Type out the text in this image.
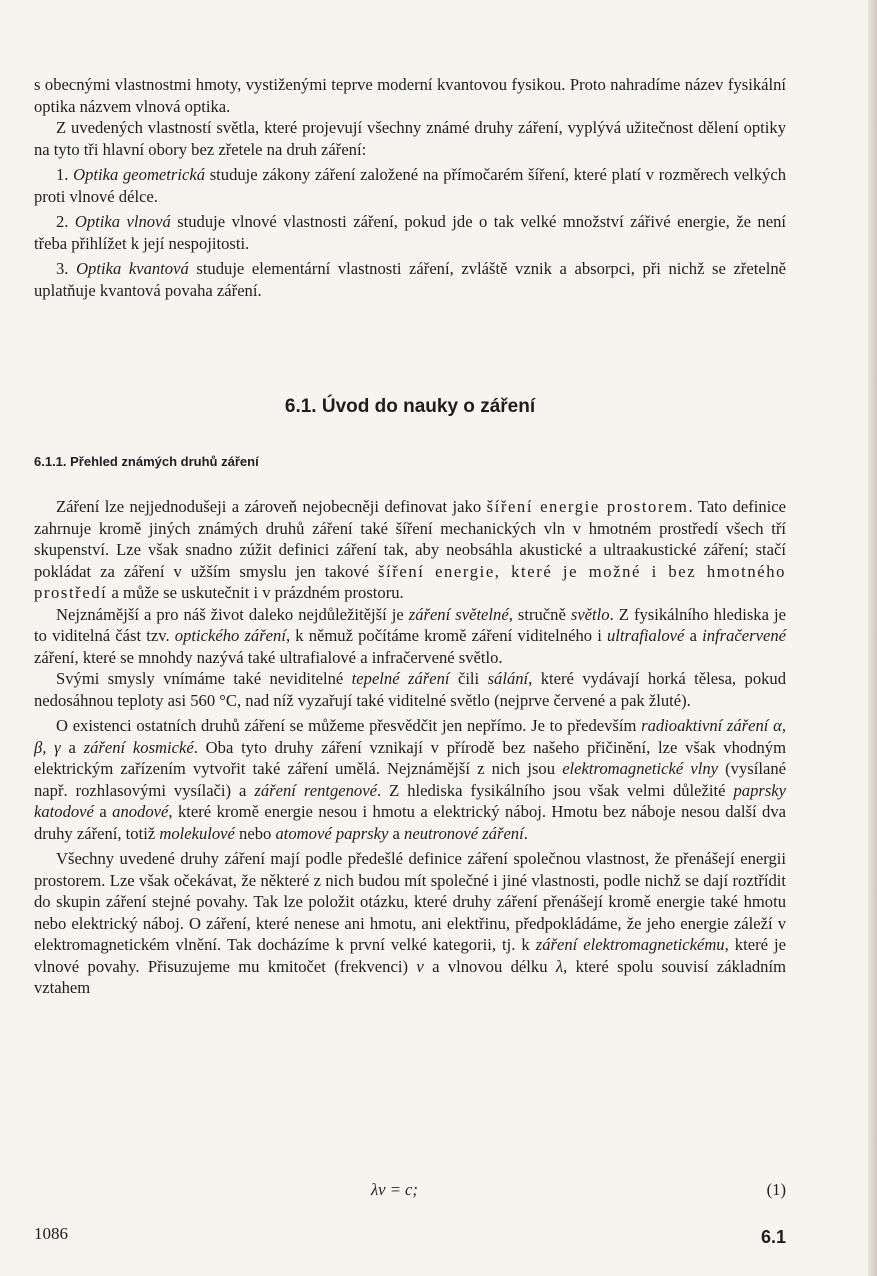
s obecnými vlastnostmi hmoty, vystiženými teprve moderní kvantovou fysikou. Proto nahradíme název fysikální optika názvem vlnová optika.

Z uvedených vlastností světla, které projevují všechny známé druhy záření, vyplývá užitečnost dělení optiky na tyto tři hlavní obory bez zřetele na druh záření:

1. Optika geometrická studuje zákony záření založené na přímočarém šíření, které platí v rozměrech velkých proti vlnové délce.

2. Optika vlnová studuje vlnové vlastnosti záření, pokud jde o tak velké množství zářivé energie, že není třeba přihlížet k její nespojitosti.

3. Optika kvantová studuje elementární vlastnosti záření, zvláště vznik a absorpci, při nichž se zřetelně uplatňuje kvantová povaha záření.

6.1. Úvod do nauky o záření
6.1.1. Přehled známých druhů záření

Záření lze nejjednodušeji a zároveň nejobecněji definovat jako šíření energie prostorem. Tato definice zahrnuje kromě jiných známých druhů záření také šíření mechanických vln v hmotném prostředí všech tří skupenství. Lze však snadno zúžit definici záření tak, aby neobsáhla akustické a ultraakustické záření; stačí pokládat za záření v užším smyslu jen takové šíření energie, které je možné i bez hmotného prostředí a může se uskutečnit i v prázdném prostoru.

Nejznámější a pro náš život daleko nejdůležitější je záření světelné, stručně světlo. Z fysikálního hlediska je to viditelná část tzv. optického záření, k němuž počítáme kromě záření viditelného i ultrafialové a infračervené záření, které se mnohdy nazývá také ultrafialové a infračervené světlo.

Svými smysly vnímáme také neviditelné tepelné záření čili sálání, které vydávají horká tělesa, pokud nedosáhnou teploty asi 560 °C, nad níž vyzařují také viditelné světlo (nejprve červené a pak žluté).

O existenci ostatních druhů záření se můžeme přesvědčit jen nepřímo. Je to především radioaktivní záření α, β, γ a záření kosmické. Oba tyto druhy záření vznikají v přírodě bez našeho přičinění, lze však vhodným elektrickým zařízením vytvořit také záření umělá. Nejznámější z nich jsou elektromagnetické vlny (vysílané např. rozhlasovými vysílači) a záření rentgenové. Z hlediska fysikálního jsou však velmi důležité paprsky katodové a anodové, které kromě energie nesou i hmotu a elektrický náboj. Hmotu bez náboje nesou další dva druhy záření, totiž molekulové nebo atomové paprsky a neutronové záření.

Všechny uvedené druhy záření mají podle předešlé definice záření společnou vlastnost, že přenášejí energii prostorem. Lze však očekávat, že některé z nich budou mít společné i jiné vlastnosti, podle nichž se dají roztřídit do skupin záření stejné povahy. Tak lze položit otázku, které druhy záření přenášejí kromě energie také hmotu nebo elektrický náboj. O záření, které nenese ani hmotu, ani elektřinu, předpokládáme, že jeho energie záleží v elektromagnetickém vlnění. Tak docházíme k první velké kategorii, tj. k záření elektromagnetickému, které je vlnové povahy. Přisuzujeme mu kmitočet (frekvenci) ν a vlnovou délku λ, které spolu souvisí základním vztahem

λν = c;	(1)
1086	6.1
